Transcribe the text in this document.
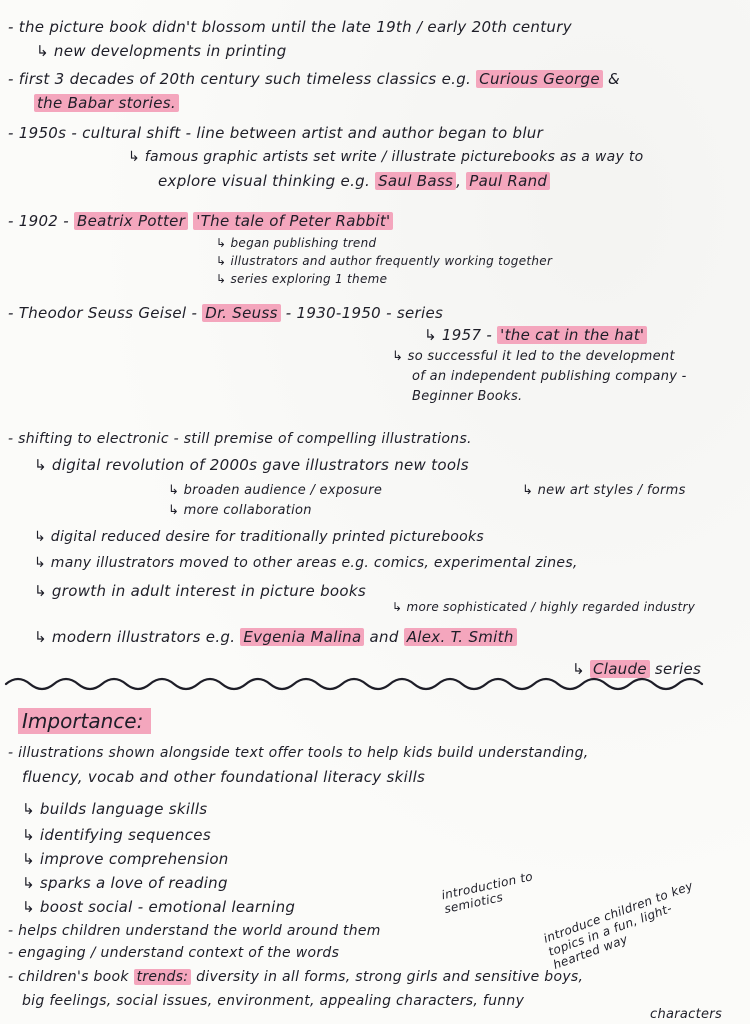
- the picture book didn't blossom until the late 19th / early 20th century
↳ new developments in printing
- first 3 decades of 20th century such timeless classics e.g. Curious George &
the Babar stories.
- 1950s - cultural shift - line between artist and author began to blur
↳ famous graphic artists set write / illustrate picturebooks as a way to
explore visual thinking e.g. Saul Bass , Paul Rand
- 1902 - Beatrix Potter 'The tale of Peter Rabbit'
↳ began publishing trend
↳ illustrators and author frequently working together
↳ series exploring 1 theme
- Theodor Seuss Geisel - Dr. Seuss - 1930-1950 - series
↳ 1957 - 'the cat in the hat'
↳ so successful it led to the development
of an independent publishing company -
Beginner Books.
- shifting to electronic - still premise of compelling illustrations.
↳ digital revolution of 2000s gave illustrators new tools
↳ broaden audience / exposure	↳ new art styles / forms
↳ more collaboration
↳ digital reduced desire for traditionally printed picturebooks
↳ many illustrators moved to other areas e.g. comics, experimental zines,
↳ growth in adult interest in picture books
↳ more sophisticated / highly regarded industry
↳ modern illustrators e.g. Evgenia Malina and Alex. T. Smith
↳ Claude series
Importance:
- illustrations shown alongside text offer tools to help kids build understanding,
fluency, vocab and other foundational literacy skills
↳ builds language skills
↳ identifying sequences
↳ improve comprehension
↳ sparks a love of reading
↳ boost social - emotional learning
introduction to semiotics	introduce children to key topics in a fun, light-hearted way
- helps children understand the world around them
- engaging / understand context of the words
- children's book trends: diversity in all forms, strong girls and sensitive boys,
big feelings, social issues, environment, appealing characters, funny
characters
